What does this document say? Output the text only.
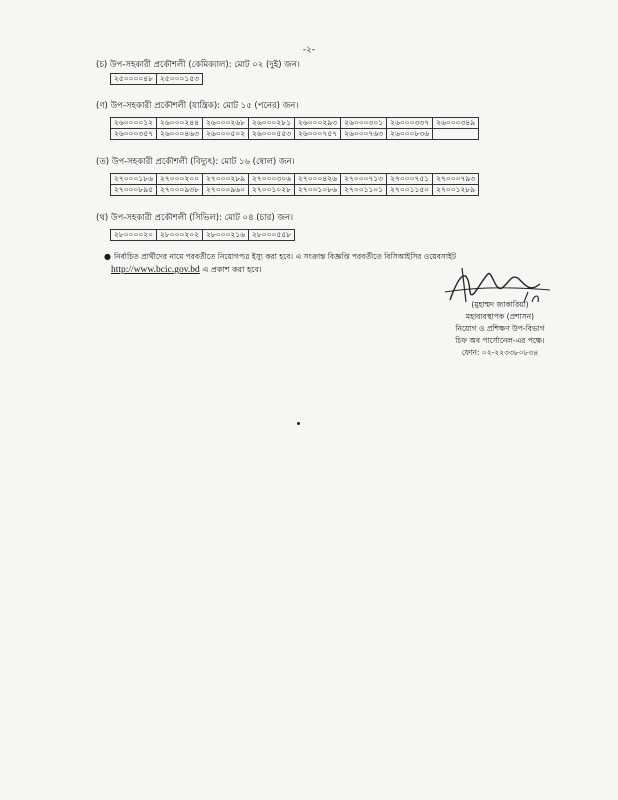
-২-
(চ) উপ-সহকারী প্রকৌশলী (কেমিক্যাল): মোট ০২ (দুই) জন।
২৫০০০০৪৮	২৫০০০১৫৩
(ণ) উপ-সহকারী প্রকৌশলী (যান্ত্রিক): মোট ১৫ (পনের) জন।
২৬০০০০১২	২৬০০০২৪৪	২৬০০০২৬৮	২৬০০০২৮১	২৬০০০২৯৩	২৬০০০৩০১	২৬০০০৩৩৭	২৬০০০৩৪৯
২৬০০০৩৫৭	২৬০০০৪৬৩	২৬০০০৫০২	২৬০০০৫৫৩	২৬০০০৭৫৭	২৬০০০৭৬৩	২৬০০০৮৩৬	
(ত) উপ-সহকারী প্রকৌশলী (বিদ্যুৎ): মোট ১৬ (ষোল) জন।
২৭০০০১৮৬	২৭০০০২০০	২৭০০০২৮৯	২৭০০০৩০৬	২৭০০০৪২৬	২৭০০০৭১৩	২৭০০০৭৫১	২৭০০০৭৯৩
২৭০০০৮৯৫	২৭০০০৯৩৮	২৭০০০৯৬০	২৭০০১০২৮	২৭০০১০৮৬	২৭০০১১০১	২৭০০১১৫০	২৭০০১২৮৯
(থ) উপ-সহকারী প্রকৌশলী (সিভিল): মোট ০৪ (চার) জন।
২৮০০০০২০	২৮০০০২০২	২৮০০০২১৬	২৮০০০৫৫৮
● নির্বাচিত প্রার্থীদের নামে পরবর্তীতে নিয়োগপত্র ইস্যু করা হবে। এ সংক্রান্ত বিজ্ঞপ্তি পরবর্তীতে বিসিআইসির ওয়েবসাইট
http://www.bcic.gov.bd এ প্রকাশ করা হবে।
(মুহাম্মদ জাকারিয়া)
মহাব্যবস্থাপক (প্রশাসন)
নিয়োগ ও প্রশিক্ষণ উপ-বিভাগ
চিফ অব পার্সোনেল-এর পক্ষে।
ফোন: ০২-২২৩৩৮০৮৩৪
